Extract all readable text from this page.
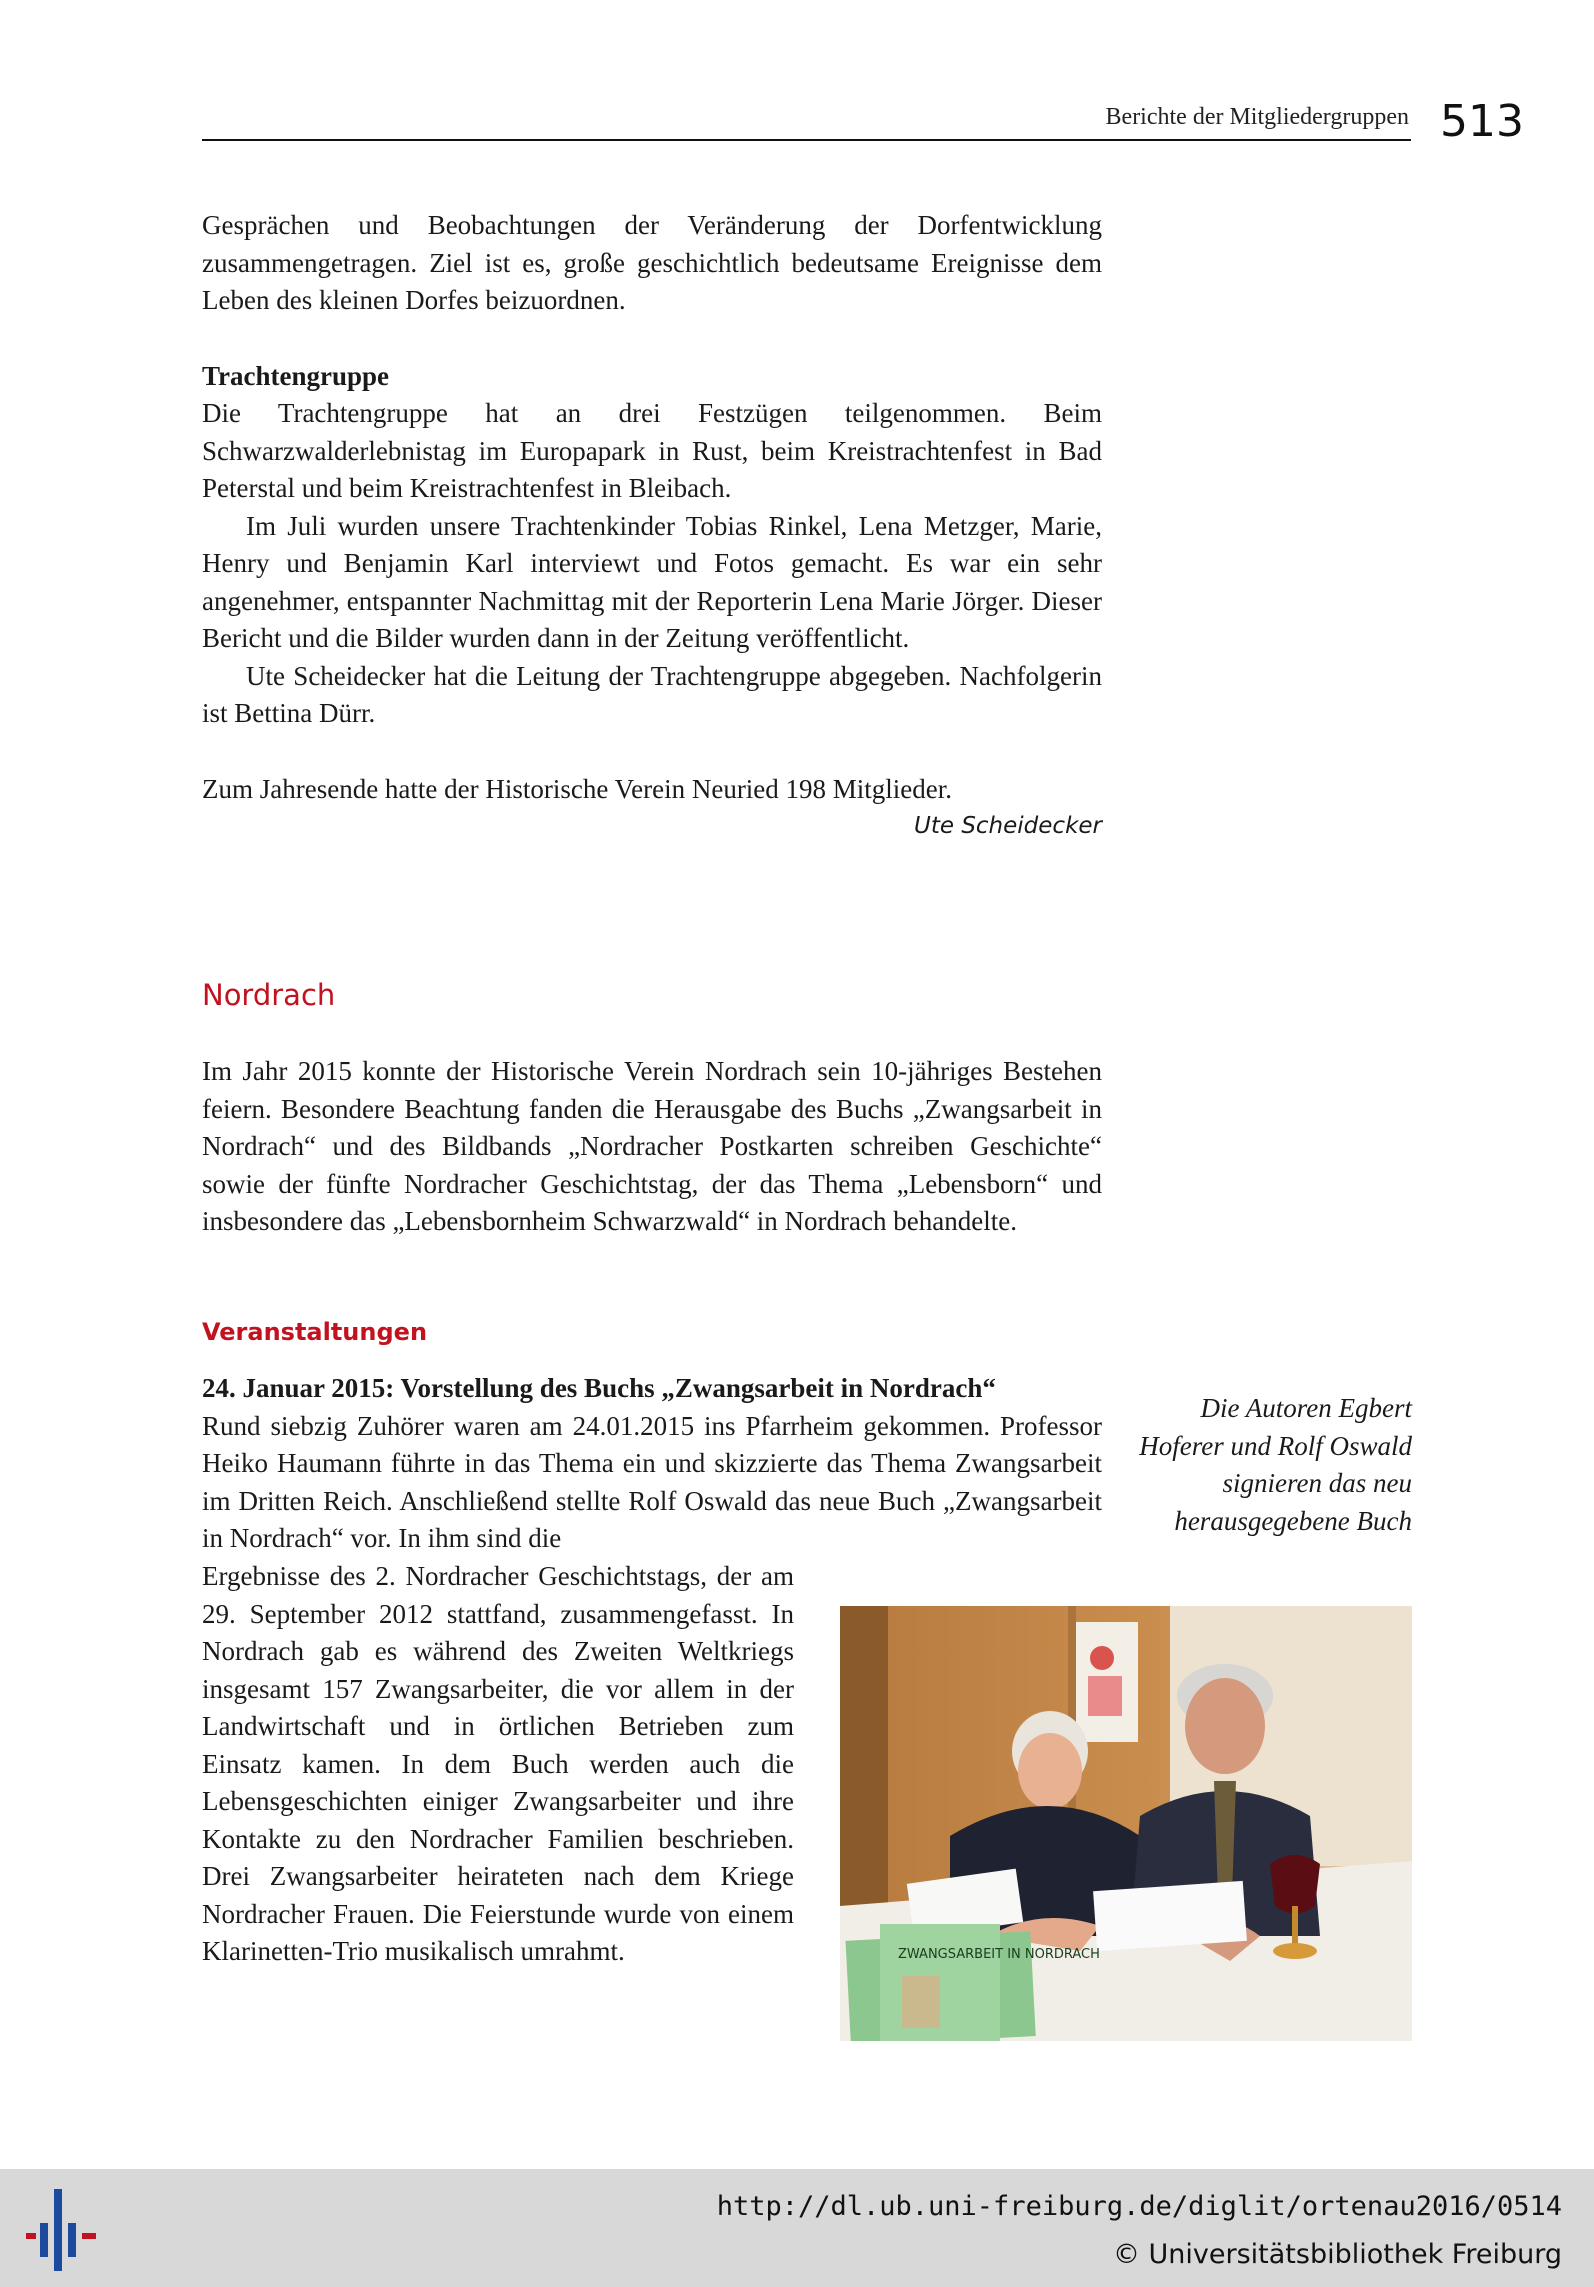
Berichte der Mitgliedergruppen 513

Gesprächen und Beobachtungen der Veränderung der Dorfentwicklung zusammengetragen. Ziel ist es, große geschichtlich bedeutsame Ereignisse dem Leben des kleinen Dorfes beizuordnen.

Trachtengruppe

Die Trachtengruppe hat an drei Festzügen teilgenommen. Beim Schwarzwalderlebnistag im Europapark in Rust, beim Kreistrachtenfest in Bad Peterstal und beim Kreistrachtenfest in Bleibach.

Im Juli wurden unsere Trachtenkinder Tobias Rinkel, Lena Metzger, Marie, Henry und Benjamin Karl interviewt und Fotos gemacht. Es war ein sehr angenehmer, entspannter Nachmittag mit der Reporterin Lena Marie Jörger. Dieser Bericht und die Bilder wurden dann in der Zeitung veröffentlicht.

Ute Scheidecker hat die Leitung der Trachtengruppe abgegeben. Nachfolgerin ist Bettina Dürr.

Zum Jahresende hatte der Historische Verein Neuried 198 Mitglieder.

Ute Scheidecker

Nordrach

Im Jahr 2015 konnte der Historische Verein Nordrach sein 10-jähriges Bestehen feiern. Besondere Beachtung fanden die Herausgabe des Buchs „Zwangsarbeit in Nordrach“ und des Bildbands „Nordracher Postkarten schreiben Geschichte“ sowie der fünfte Nordracher Geschichtstag, der das Thema „Lebensborn“ und insbesondere das „Lebensbornheim Schwarzwald“ in Nordrach behandelte.

Veranstaltungen

24. Januar 2015: Vorstellung des Buchs „Zwangsarbeit in Nordrach“

Rund siebzig Zuhörer waren am 24.01.2015 ins Pfarrheim gekommen. Professor Heiko Haumann führte in das Thema ein und skizzierte das Thema Zwangsarbeit im Dritten Reich. Anschließend stellte Rolf Oswald das neue Buch „Zwangsarbeit in Nordrach“ vor. In ihm sind die

Ergebnisse des 2. Nordracher Geschichtstags, der am 29. September 2012 stattfand, zusammengefasst. In Nordrach gab es während des Zweiten Weltkriegs insgesamt 157 Zwangsarbeiter, die vor allem in der Landwirtschaft und in örtlichen Betrieben zum Einsatz kamen. In dem Buch werden auch die Lebensgeschichten einiger Zwangsarbeiter und ihre Kontakte zu den Nordracher Familien beschrieben. Drei Zwangsarbeiter heirateten nach dem Kriege Nordracher Frauen. Die Feierstunde wurde von einem Klarinetten-Trio musikalisch umrahmt.

Die Autoren Egbert Hoferer und Rolf Oswald signieren das neu herausgegebene Buch

ZWANGSARBEIT IN NORDRACH
http://dl.ub.uni-freiburg.de/diglit/ortenau2016/0514
© Universitätsbibliothek Freiburg
